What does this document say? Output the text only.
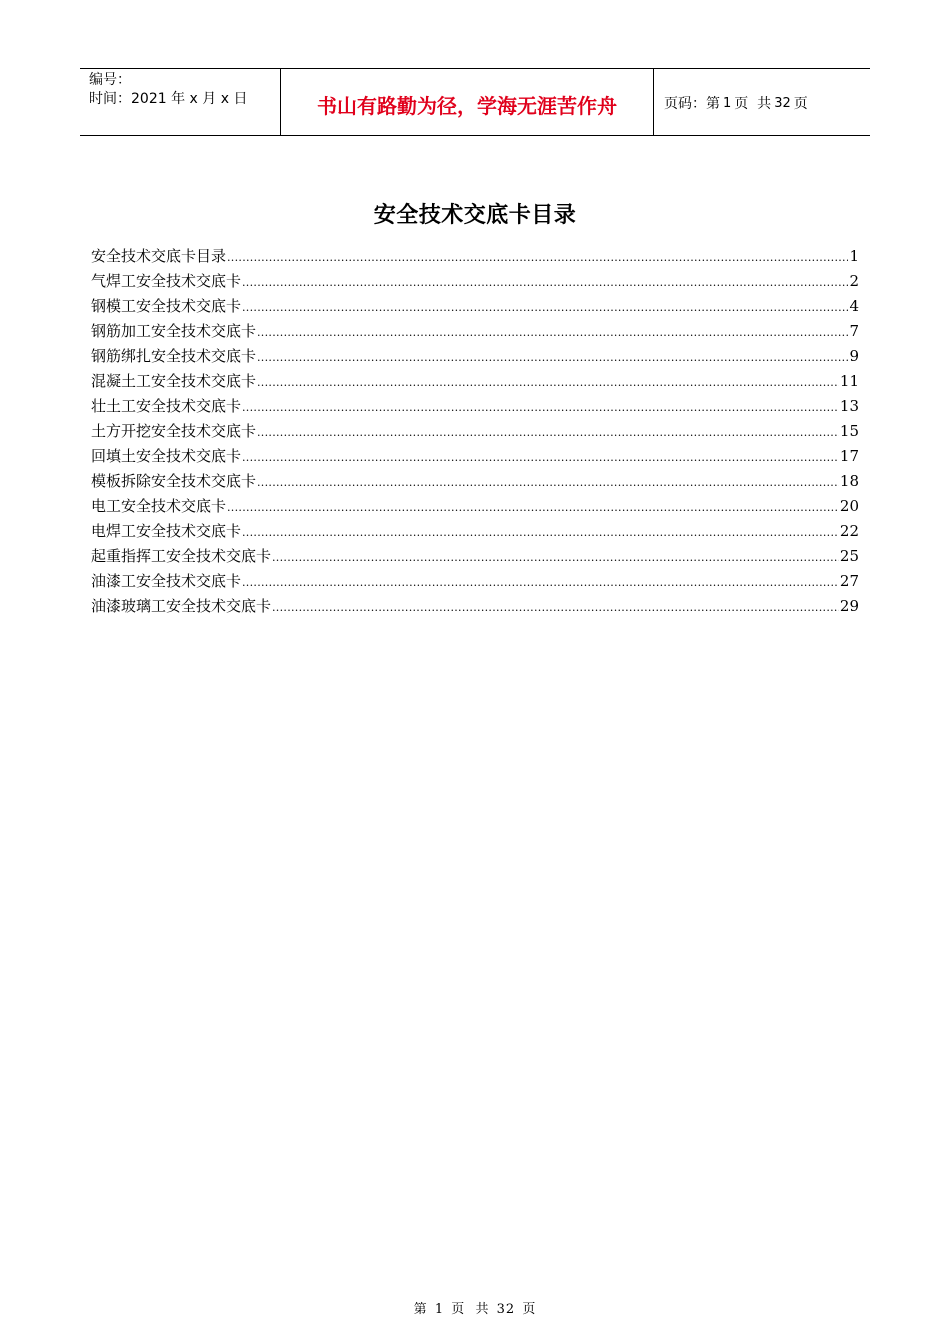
编号：
时间：2021 年 x 月 x 日	书山有路勤为径，学海无涯苦作舟	页码：第 1 页  共 32 页
安全技术交底卡目录
安全技术交底卡目录 .....	1
气焊工安全技术交底卡 .....	2
钢模工安全技术交底卡 .....	4
钢筋加工安全技术交底卡 .....	7
钢筋绑扎安全技术交底卡 .....	9
混凝土工安全技术交底卡 .....	11
壮土工安全技术交底卡 .....	13
土方开挖安全技术交底卡 .....	15
回填土安全技术交底卡 .....	17
模板拆除安全技术交底卡 .....	18
电工安全技术交底卡 .....	20
电焊工安全技术交底卡 .....	22
起重指挥工安全技术交底卡 .....	25
油漆工安全技术交底卡 .....	27
油漆玻璃工安全技术交底卡 .....	29
第 1 页  共 32 页
